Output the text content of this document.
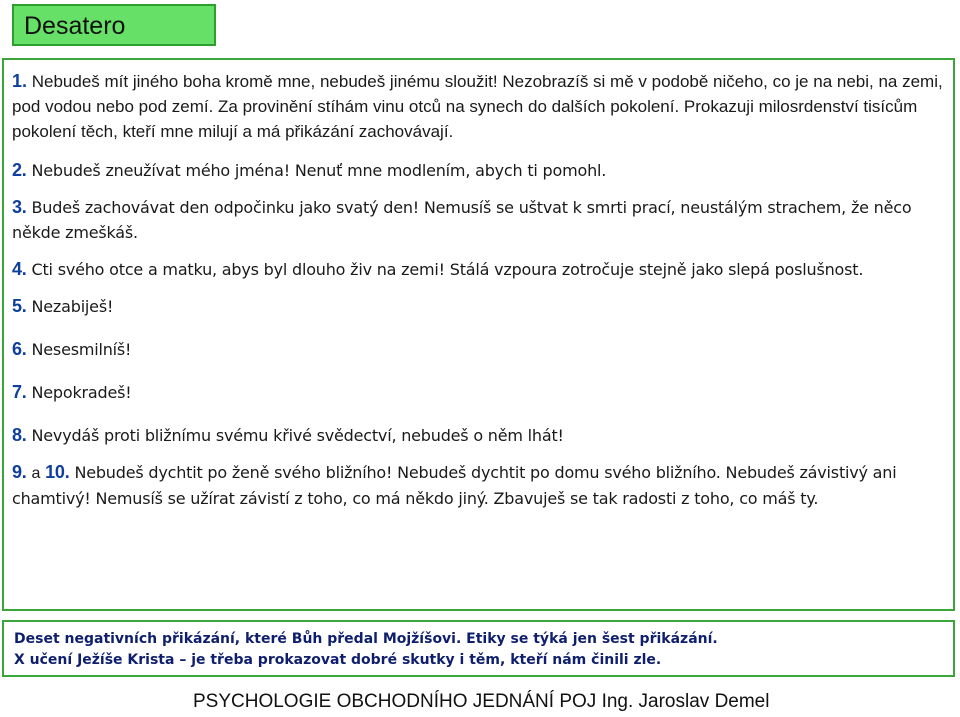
Desatero

1. Nebudeš mít jiného boha kromě mne, nebudeš jinému sloužit! Nezobrazíš si mě v podobě ničeho, co je na nebi, na zemi, pod vodou nebo pod zemí. Za provinění stíhám vinu otců na synech do dalších pokolení. Prokazuji milosrdenství tisícům pokolení těch, kteří mne milují a má přikázání zachovávají.

2. Nebudeš zneužívat mého jména! Nenuť mne modlením, abych ti pomohl.

3. Budeš zachovávat den odpočinku jako svatý den! Nemusíš se uštvat k smrti prací, neustálým strachem, že něco někde zmeškáš.

4. Cti svého otce a matku, abys byl dlouho živ na zemi! Stálá vzpoura zotročuje stejně jako slepá poslušnost.

5. Nezabiješ!

6. Nesesmilníš!

7. Nepokradeš!

8. Nevydáš proti bližnímu svému křivé svědectví, nebudeš o něm lhát!

9. a 10. Nebudeš dychtit po ženě svého bližního! Nebudeš dychtit po domu svého bližního. Nebudeš závistivý ani chamtivý! Nemusíš se užírat závistí z toho, co má někdo jiný. Zbavuješ se tak radosti z toho, co máš ty.

Deset negativních přikázání, které Bůh předal Mojžíšovi. Etiky se týká jen šest přikázání.
X učení Ježíše Krista – je třeba prokazovat dobré skutky i těm, kteří nám činili zle.
PSYCHOLOGIE OBCHODNÍHO JEDNÁNÍ POJ Ing. Jaroslav Demel
